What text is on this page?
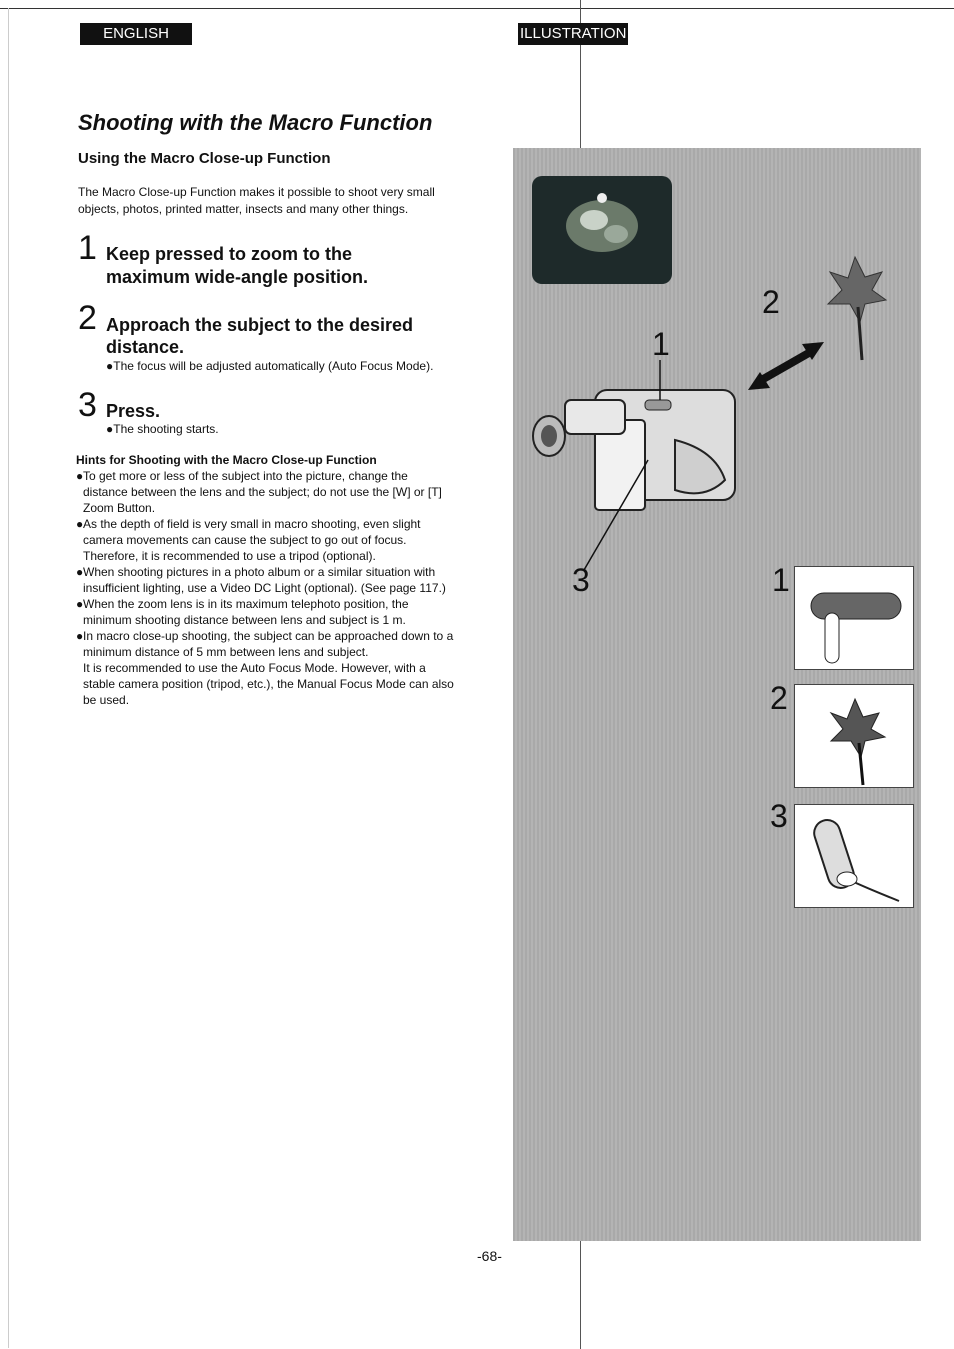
ENGLISH	ILLUSTRATION
Shooting with the Macro Function
Using the Macro Close-up Function
The Macro Close-up Function makes it possible to shoot very small objects, photos, printed matter, insects and many other things.
1 Keep pressed to zoom to the
maximum wide-angle position.
2 Approach the subject to the desired
distance.
●The focus will be adjusted automatically (Auto Focus Mode).
3 Press.
●The shooting starts.
Hints for Shooting with the Macro Close-up Function

● To get more or less of the subject into the picture, change the distance between the lens and the subject; do not use the [W] or [T] Zoom Button.

● As the depth of field is very small in macro shooting, even slight camera movements can cause the subject to go out of focus. Therefore, it is recommended to use a tripod (optional).

● When shooting pictures in a photo album or a similar situation with insufficient lighting, use a Video DC Light (optional). (See page 117.)

● When the zoom lens is in its maximum telephoto position, the minimum shooting distance between lens and subject is 1 m.

● In macro close-up shooting, the subject can be approached down to a minimum distance of 5 mm between lens and subject.

It is recommended to use the Auto Focus Mode. However, with a stable camera position (tripod, etc.), the Manual Focus Mode can also be used.

1
2
3	1
2
3
-68-
